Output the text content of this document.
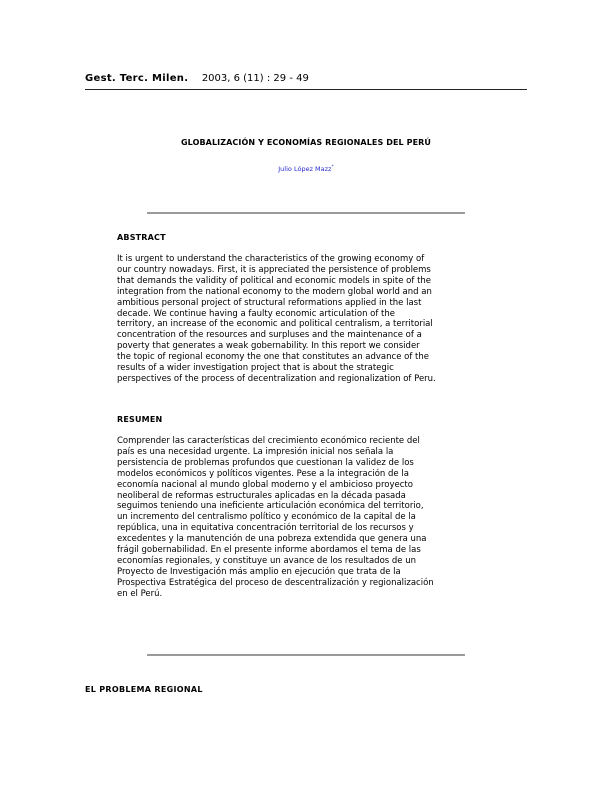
Gest. Terc. Milen. 2003, 6 (11) : 29 - 49
GLOBALIZACIÓN Y ECONOMÍAS REGIONALES DEL PERÚ
Julio López Mazz*
ABSTRACT
It is urgent to understand the characteristics of the growing economy of
our country nowadays. First, it is appreciated the persistence of problems
that demands the validity of political and economic models in spite of the
integration from the national economy to the modern global world and an
ambitious personal project of structural reformations applied in the last
decade. We continue having a faulty economic articulation of the
territory, an increase of the economic and political centralism, a territorial
concentration of the resources and surpluses and the maintenance of a
poverty that generates a weak gobernability. In this report we consider
the topic of regional economy the one that constitutes an advance of the
results of a wider investigation project that is about the strategic
perspectives of the process of decentralization and regionalization of Peru.
RESUMEN
Comprender las características del crecimiento económico reciente del
país es una necesidad urgente. La impresión inicial nos señala la
persistencia de problemas profundos que cuestionan la validez de los
modelos económicos y políticos vigentes. Pese a la integración de la
economía nacional al mundo global moderno y el ambicioso proyecto
neoliberal de reformas estructurales aplicadas en la década pasada
seguimos teniendo una ineficiente articulación económica del territorio,
un incremento del centralismo político y económico de la capital de la
república, una in equitativa concentración territorial de los recursos y
excedentes y la manutención de una pobreza extendida que genera una
frágil gobernabilidad. En el presente informe abordamos el tema de las
economías regionales, y constituye un avance de los resultados de un
Proyecto de Investigación más amplio en ejecución que trata de la
Prospectiva Estratégica del proceso de descentralización y regionalización
en el Perú.
EL PROBLEMA REGIONAL
